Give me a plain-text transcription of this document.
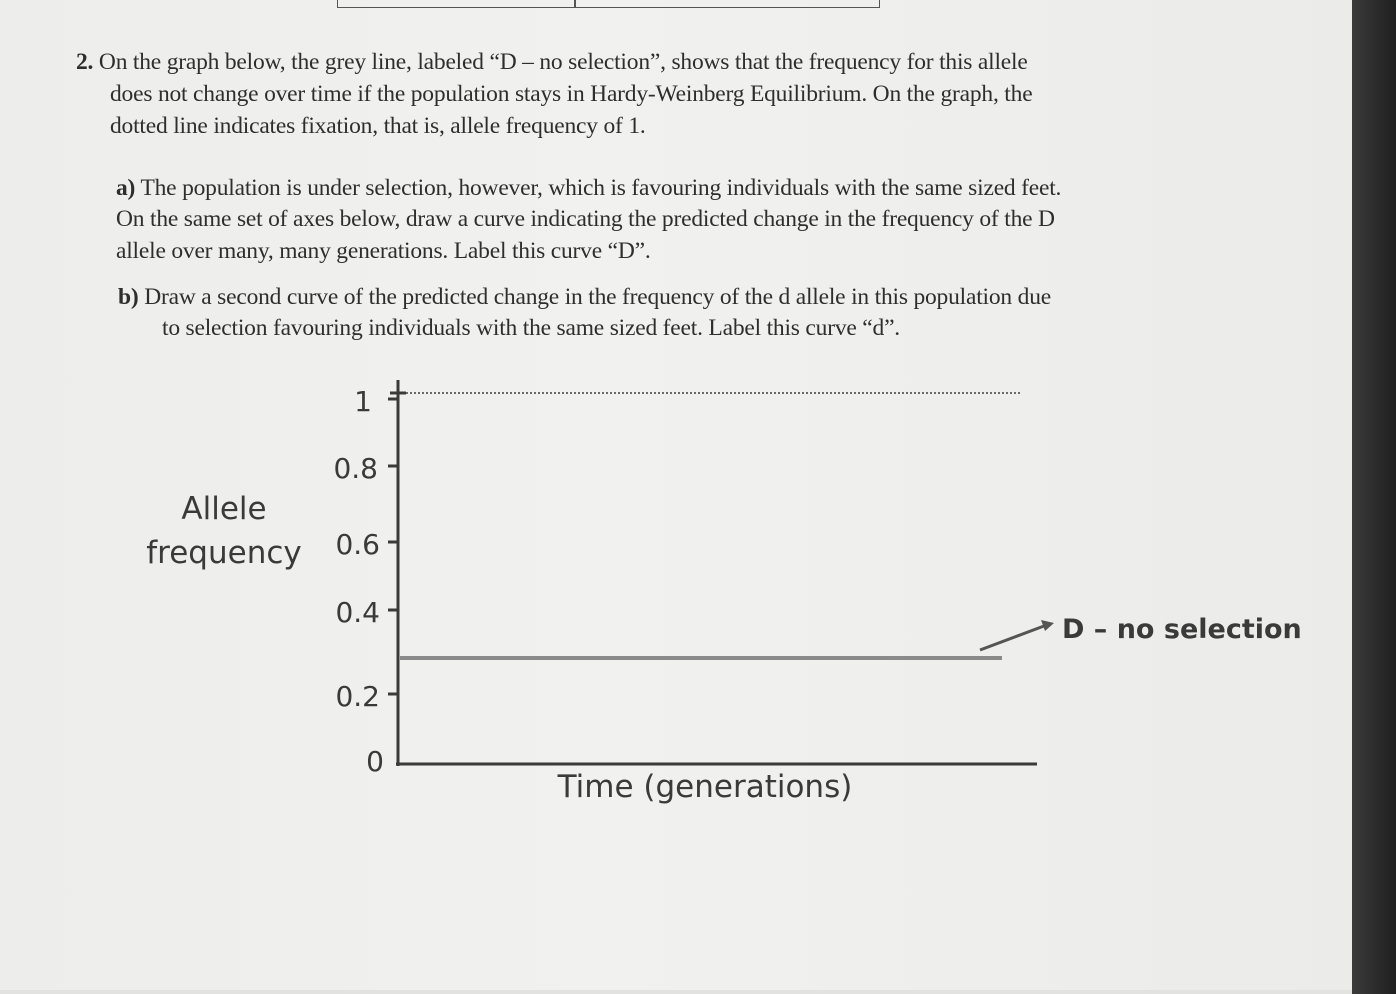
2. On the graph below, the grey line, labeled “D – no selection”, shows that the frequency for this allele
does not change over time if the population stays in Hardy-Weinberg Equilibrium. On the graph, the
dotted line indicates fixation, that is, allele frequency of 1.
a) The population is under selection, however, which is favouring individuals with the same sized feet.
On the same set of axes below, draw a curve indicating the predicted change in the frequency of the D
allele over many, many generations. Label this curve “D”.
b) Draw a second curve of the predicted change in the frequency of the d allele in this population due
to selection favouring individuals with the same sized feet. Label this curve “d”.
1
0.8
0.6
0.4
0.2
0
D – no selection
Allele
frequency
Time (generations)
